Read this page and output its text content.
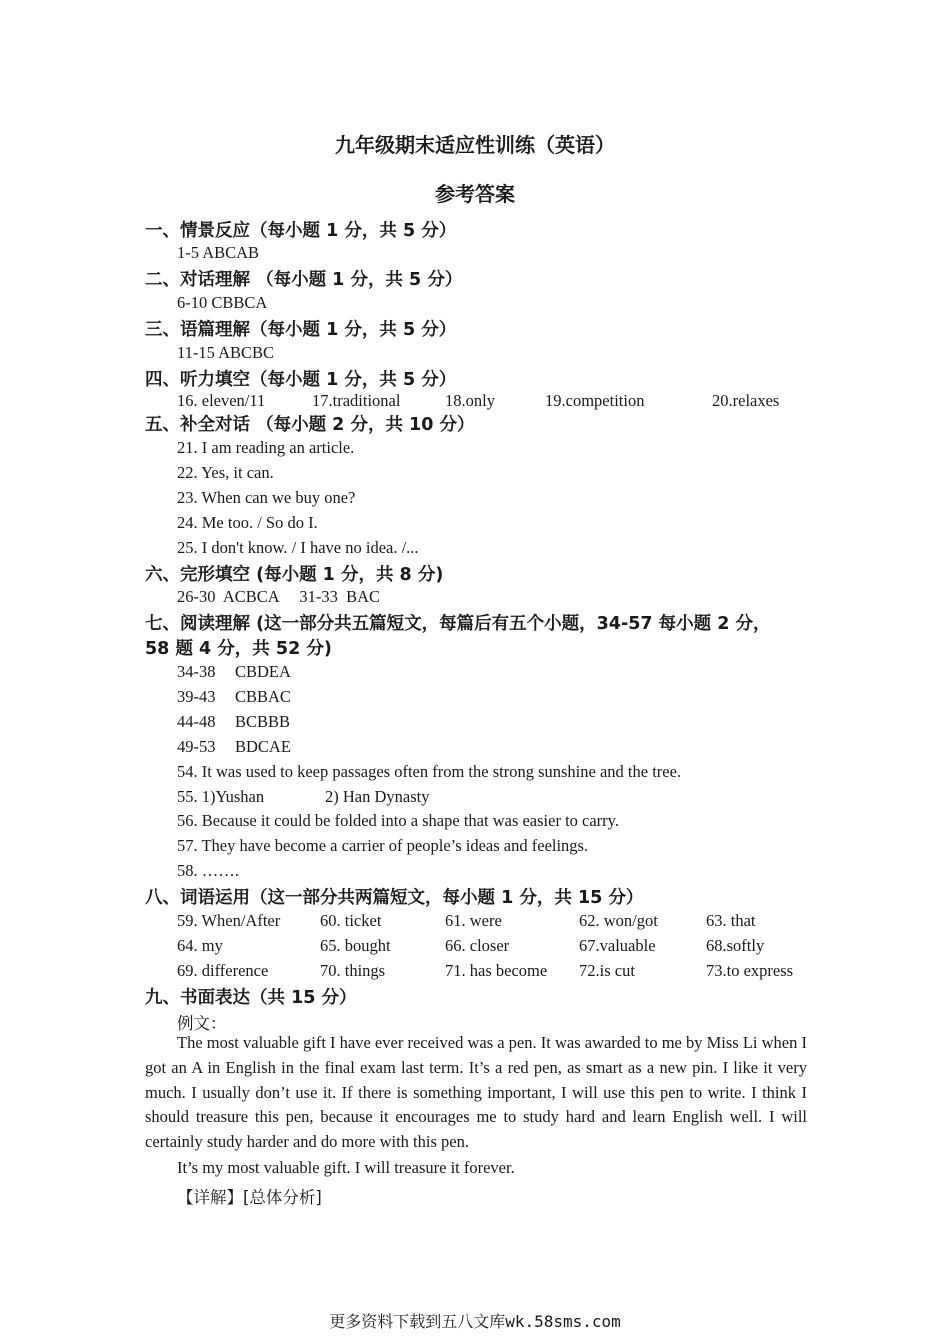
九年级期末适应性训练（英语）
参考答案
一、情景反应（每小题 1 分，共 5 分）
1-5 ABCAB
二、对话理解 （每小题 1 分，共 5 分）
6-10 CBBCA
三、语篇理解（每小题 1 分，共 5 分）
11-15 ABCBC
四、听力填空（每小题 1 分，共 5 分）
16. eleven/11	17.traditional	18.only	19.competition	20.relaxes
五、补全对话 （每小题 2 分，共 10 分）
21. I am reading an article.
22. Yes, it can.
23. When can we buy one?
24. Me too. / So do I.
25. I don't know. / I have no idea. /...
六、完形填空 (每小题 1 分，共 8 分)
26-30  ACBCA     31-33  BAC
七、阅读理解 (这一部分共五篇短文，每篇后有五个小题，34-57 每小题 2 分，
58 题 4 分，共 52 分)
34-38 CBDEA
39-43 CBBAC
44-48 BCBBB
49-53 BDCAE
54. It was used to keep passages often from the strong sunshine and the tree.
55. 1)Yushan	2) Han Dynasty
56. Because it could be folded into a shape that was easier to carry.
57. They have become a carrier of people’s ideas and feelings.
58. …….
八、词语运用（这一部分共两篇短文，每小题 1 分，共 15 分）
59. When/After 60. ticket	61. were	62. won/got	63. that
64. my	65. bought	66. closer	67.valuable	68.softly
69. difference	70. things	71. has become 72.is cut	73.to express
九、书面表达（共 15 分）
例文：
The most valuable gift I have ever received was a pen. It was awarded to me by Miss Li when I got an A in English in the final exam last term. It’s a red pen, as smart as a new pin. I like it very much. I usually don’t use it. If there is something important, I will use this pen to write. I think I should treasure this pen, because it encourages me to study hard and learn English well. I will certainly study harder and do more with this pen.
It’s my most valuable gift. I will treasure it forever.
【详解】[总体分析]
更多资料下载到五八文库wk.58sms.com
